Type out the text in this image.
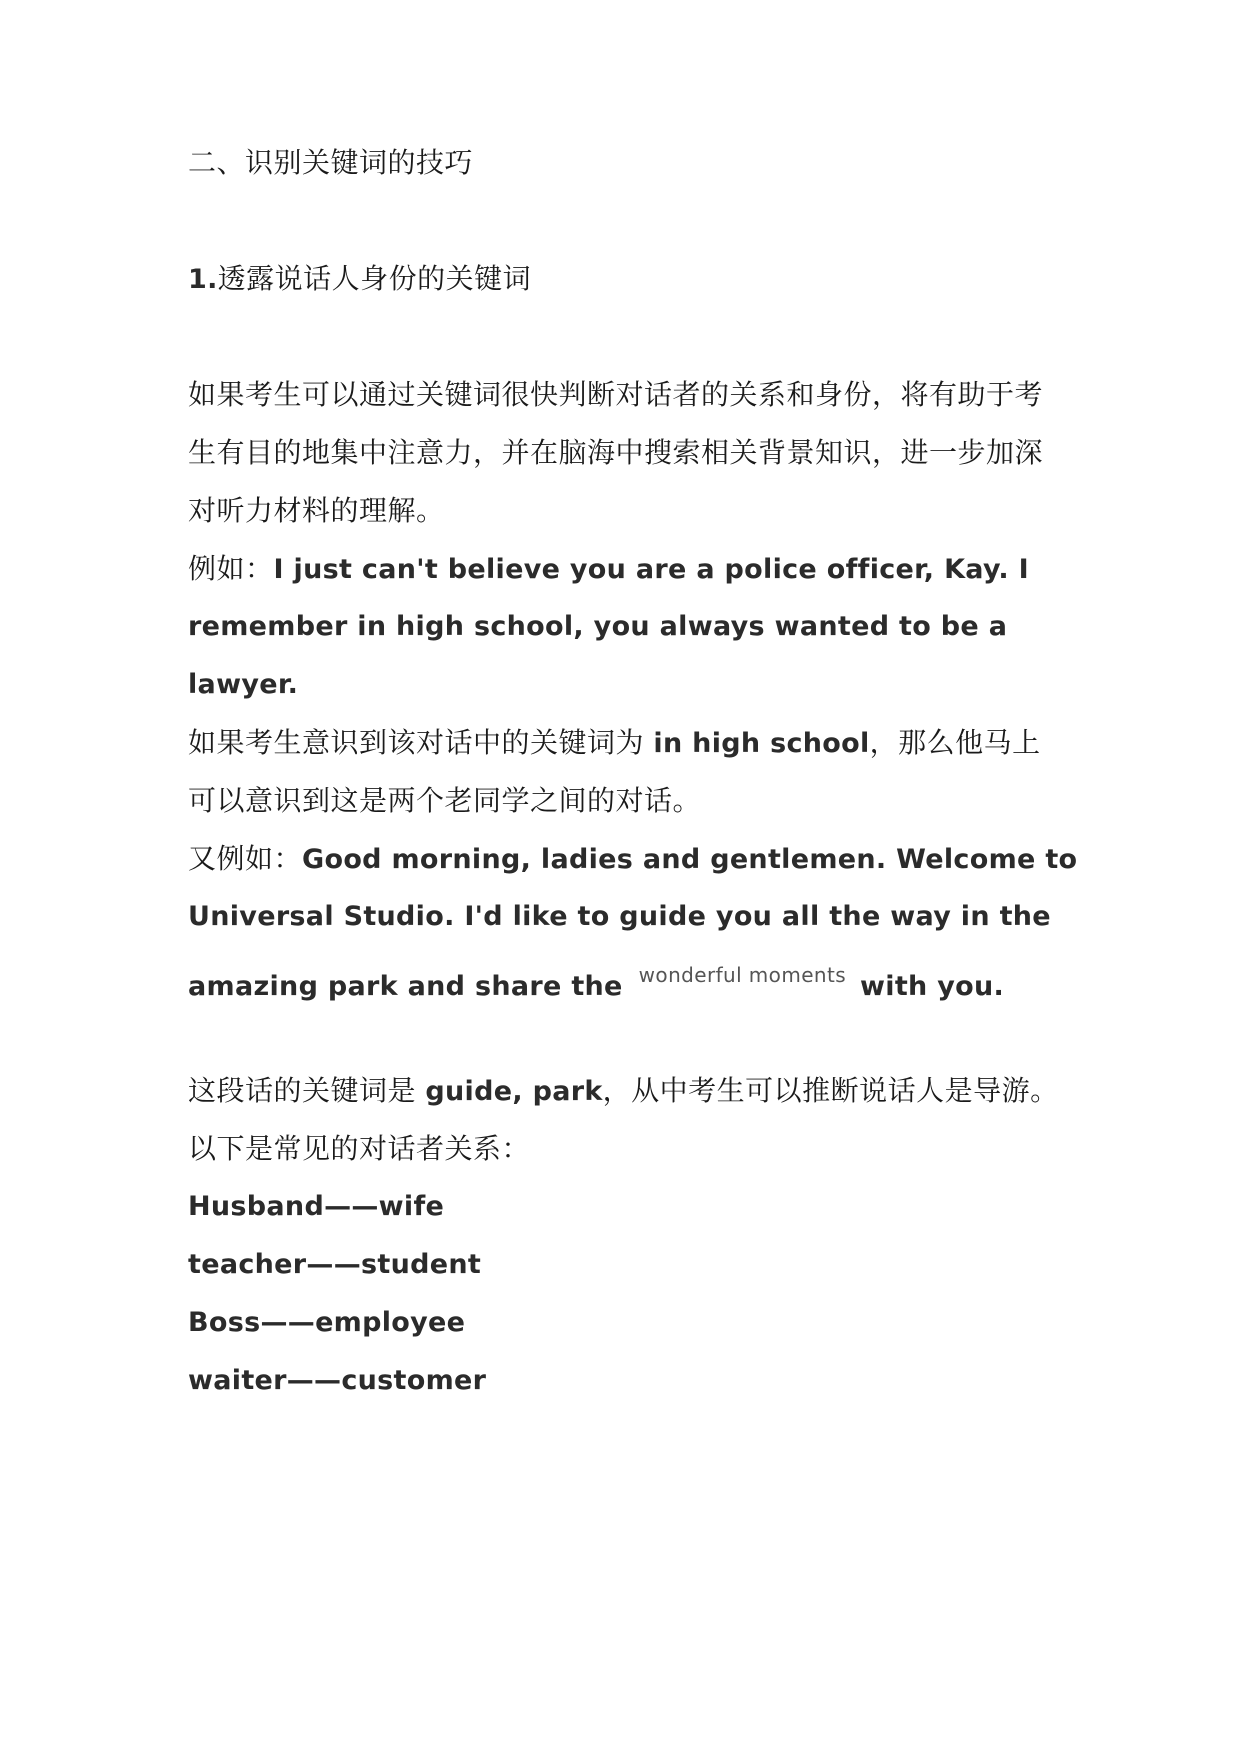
二、识别关键词的技巧
1.透露说话人身份的关键词
如果考生可以通过关键词很快判断对话者的关系和身份，将有助于考
生有目的地集中注意力，并在脑海中搜索相关背景知识，进一步加深
对听力材料的理解。
例如：I just can't believe you are a police officer, Kay. I
remember in high school, you always wanted to be a
lawyer.
如果考生意识到该对话中的关键词为 in high school，那么他马上
可以意识到这是两个老同学之间的对话。
又例如：Good morning, ladies and gentlemen. Welcome to
Universal Studio. I'd like to guide you all the way in the
amazing park and share the wonderful moments with you.
这段话的关键词是 guide, park，从中考生可以推断说话人是导游。
以下是常见的对话者关系：
Husband——wife
teacher——student
Boss——employee
waiter——customer
